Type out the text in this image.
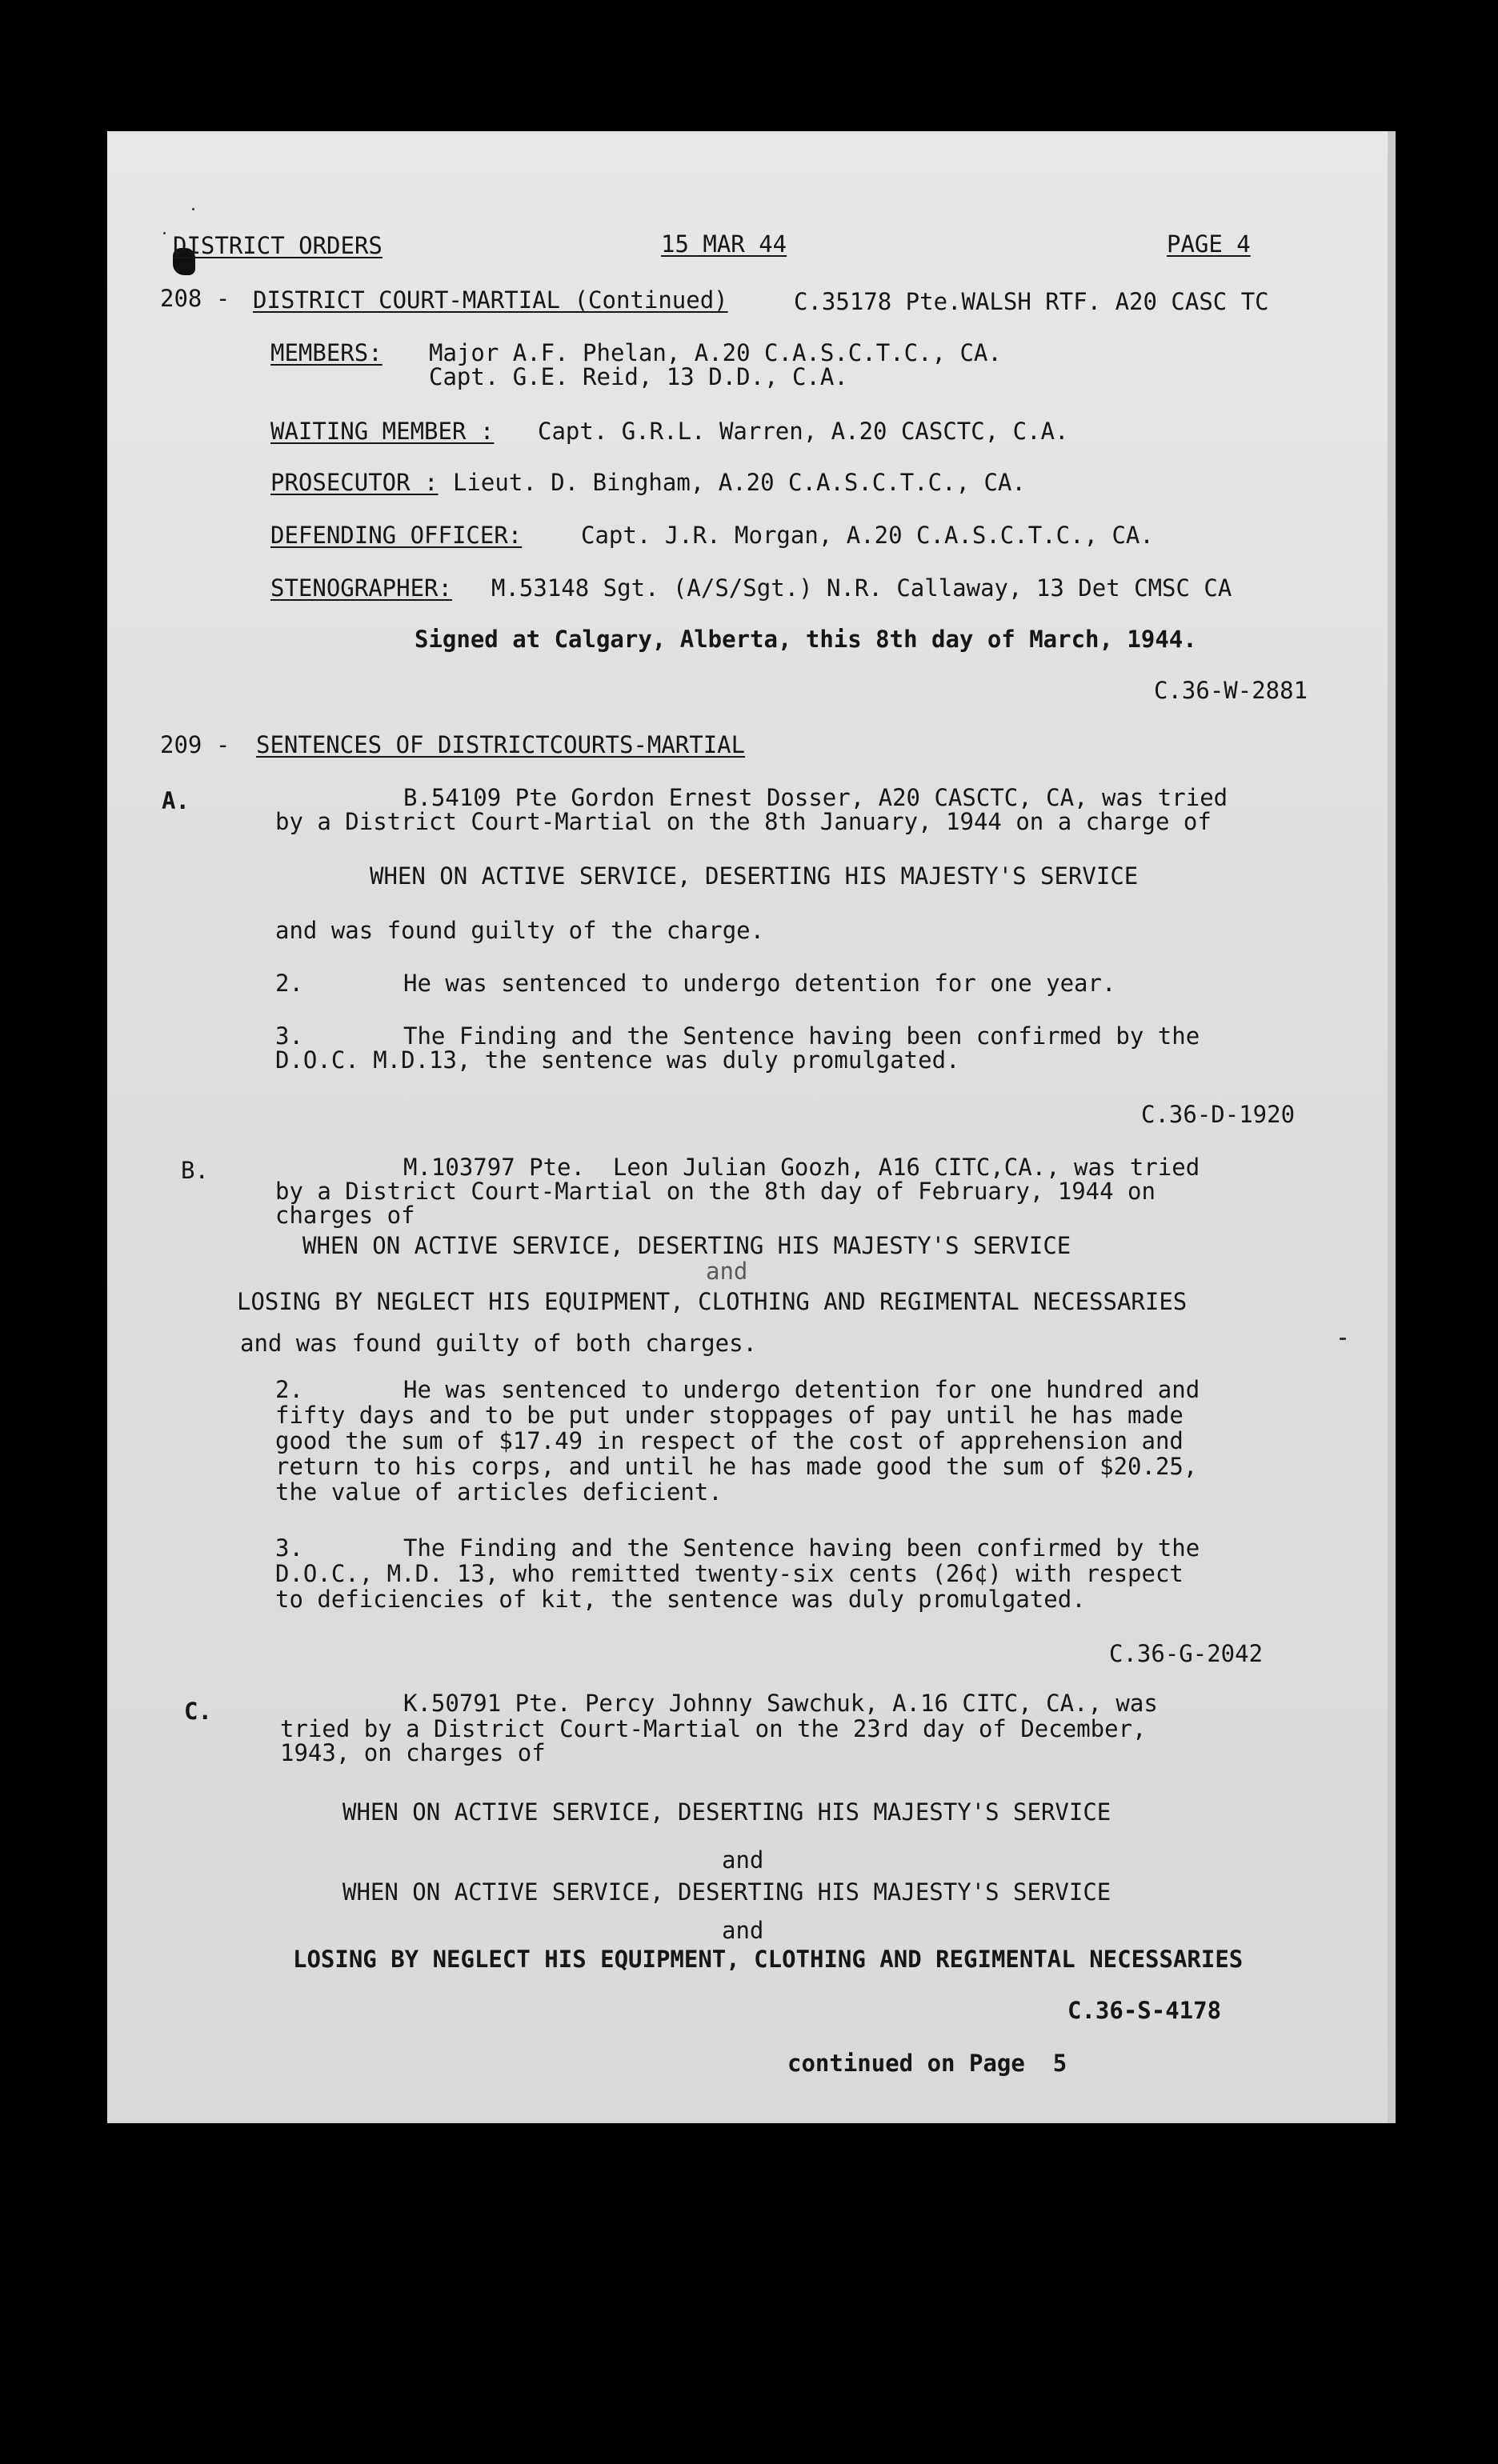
DISTRICT ORDERS	15 MAR 44	PAGE 4
208 - DISTRICT COURT-MARTIAL (Continued)	C.35178 Pte.WALSH RTF. A20 CASC TC
MEMBERS: Major A.F. Phelan, A.20 C.A.S.C.T.C., CA.
Capt. G.E. Reid, 13 D.D., C.A.
WAITING MEMBER : Capt. G.R.L. Warren, A.20 CASCTC, C.A.
PROSECUTOR : Lieut. D. Bingham, A.20 C.A.S.C.T.C., CA.
DEFENDING OFFICER:	Capt. J.R. Morgan, A.20 C.A.S.C.T.C., CA.
STENOGRAPHER: M.53148 Sgt. (A/S/Sgt.) N.R. Callaway, 13 Det CMSC CA
Signed at Calgary, Alberta, this 8th day of March, 1944.
C.36-W-2881
209 - SENTENCES OF DISTRICTCOURTS-MARTIAL
A.	B.54109 Pte Gordon Ernest Dosser, A20 CASCTC, CA, was tried
by a District Court-Martial on the 8th January, 1944 on a charge of
WHEN ON ACTIVE SERVICE, DESERTING HIS MAJESTY'S SERVICE
and was found guilty of the charge.
2.	He was sentenced to undergo detention for one year.
3.	The Finding and the Sentence having been confirmed by the
D.O.C. M.D.13, the sentence was duly promulgated.
C.36-D-1920
B.	M.103797 Pte.  Leon Julian Goozh, A16 CITC,CA., was tried
by a District Court-Martial on the 8th day of February, 1944 on
charges of
WHEN ON ACTIVE SERVICE, DESERTING HIS MAJESTY'S SERVICE
and
LOSING BY NEGLECT HIS EQUIPMENT, CLOTHING AND REGIMENTAL NECESSARIES
and was found guilty of both charges.
2.	He was sentenced to undergo detention for one hundred and
fifty days and to be put under stoppages of pay until he has made
good the sum of $17.49 in respect of the cost of apprehension and
return to his corps, and until he has made good the sum of $20.25,
the value of articles deficient.
3.	The Finding and the Sentence having been confirmed by the
D.O.C., M.D. 13, who remitted twenty-six cents (26¢) with respect
to deficiencies of kit, the sentence was duly promulgated.
C.36-G-2042
C.	K.50791 Pte. Percy Johnny Sawchuk, A.16 CITC, CA., was
tried by a District Court-Martial on the 23rd day of December,
1943, on charges of
WHEN ON ACTIVE SERVICE, DESERTING HIS MAJESTY'S SERVICE
and
WHEN ON ACTIVE SERVICE, DESERTING HIS MAJESTY'S SERVICE
and
LOSING BY NEGLECT HIS EQUIPMENT, CLOTHING AND REGIMENTAL NECESSARIES
C.36-S-4178
continued on Page  5
